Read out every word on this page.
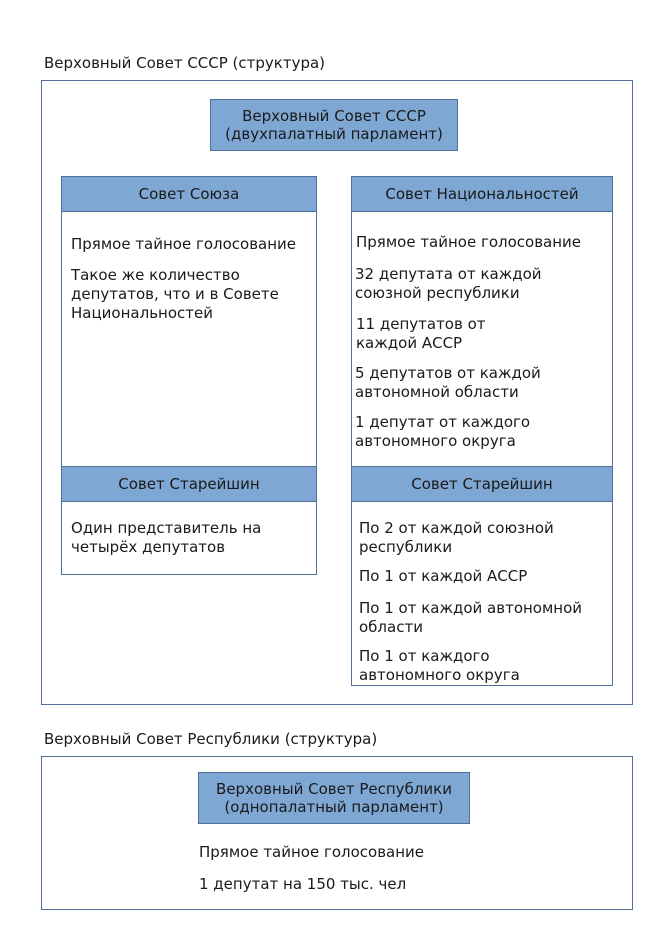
Верховный Совет СССР (структура)
Верховный Совет СССР
(двухпалатный парламент)
Совет Союза
Прямое тайное голосование
Такое же количество депутатов, что и в Совете Национальностей
Совет Старейшин
Один представитель на четырёх депутатов
Совет Национальностей
Прямое тайное голосование
32 депутата от каждой союзной республики
11 депутатов от каждой АССР
5 депутатов от каждой автономной области
1 депутат от каждого автономного округа
Совет Старейшин
По 2 от каждой союзной республики
По 1 от каждой АССР
По 1 от каждой автономной области
По 1 от каждого автономного округа
Верховный Совет Республики (структура)
Верховный Совет Республики
(однопалатный парламент)
Прямое тайное голосование
1 депутат на 150 тыс. чел
